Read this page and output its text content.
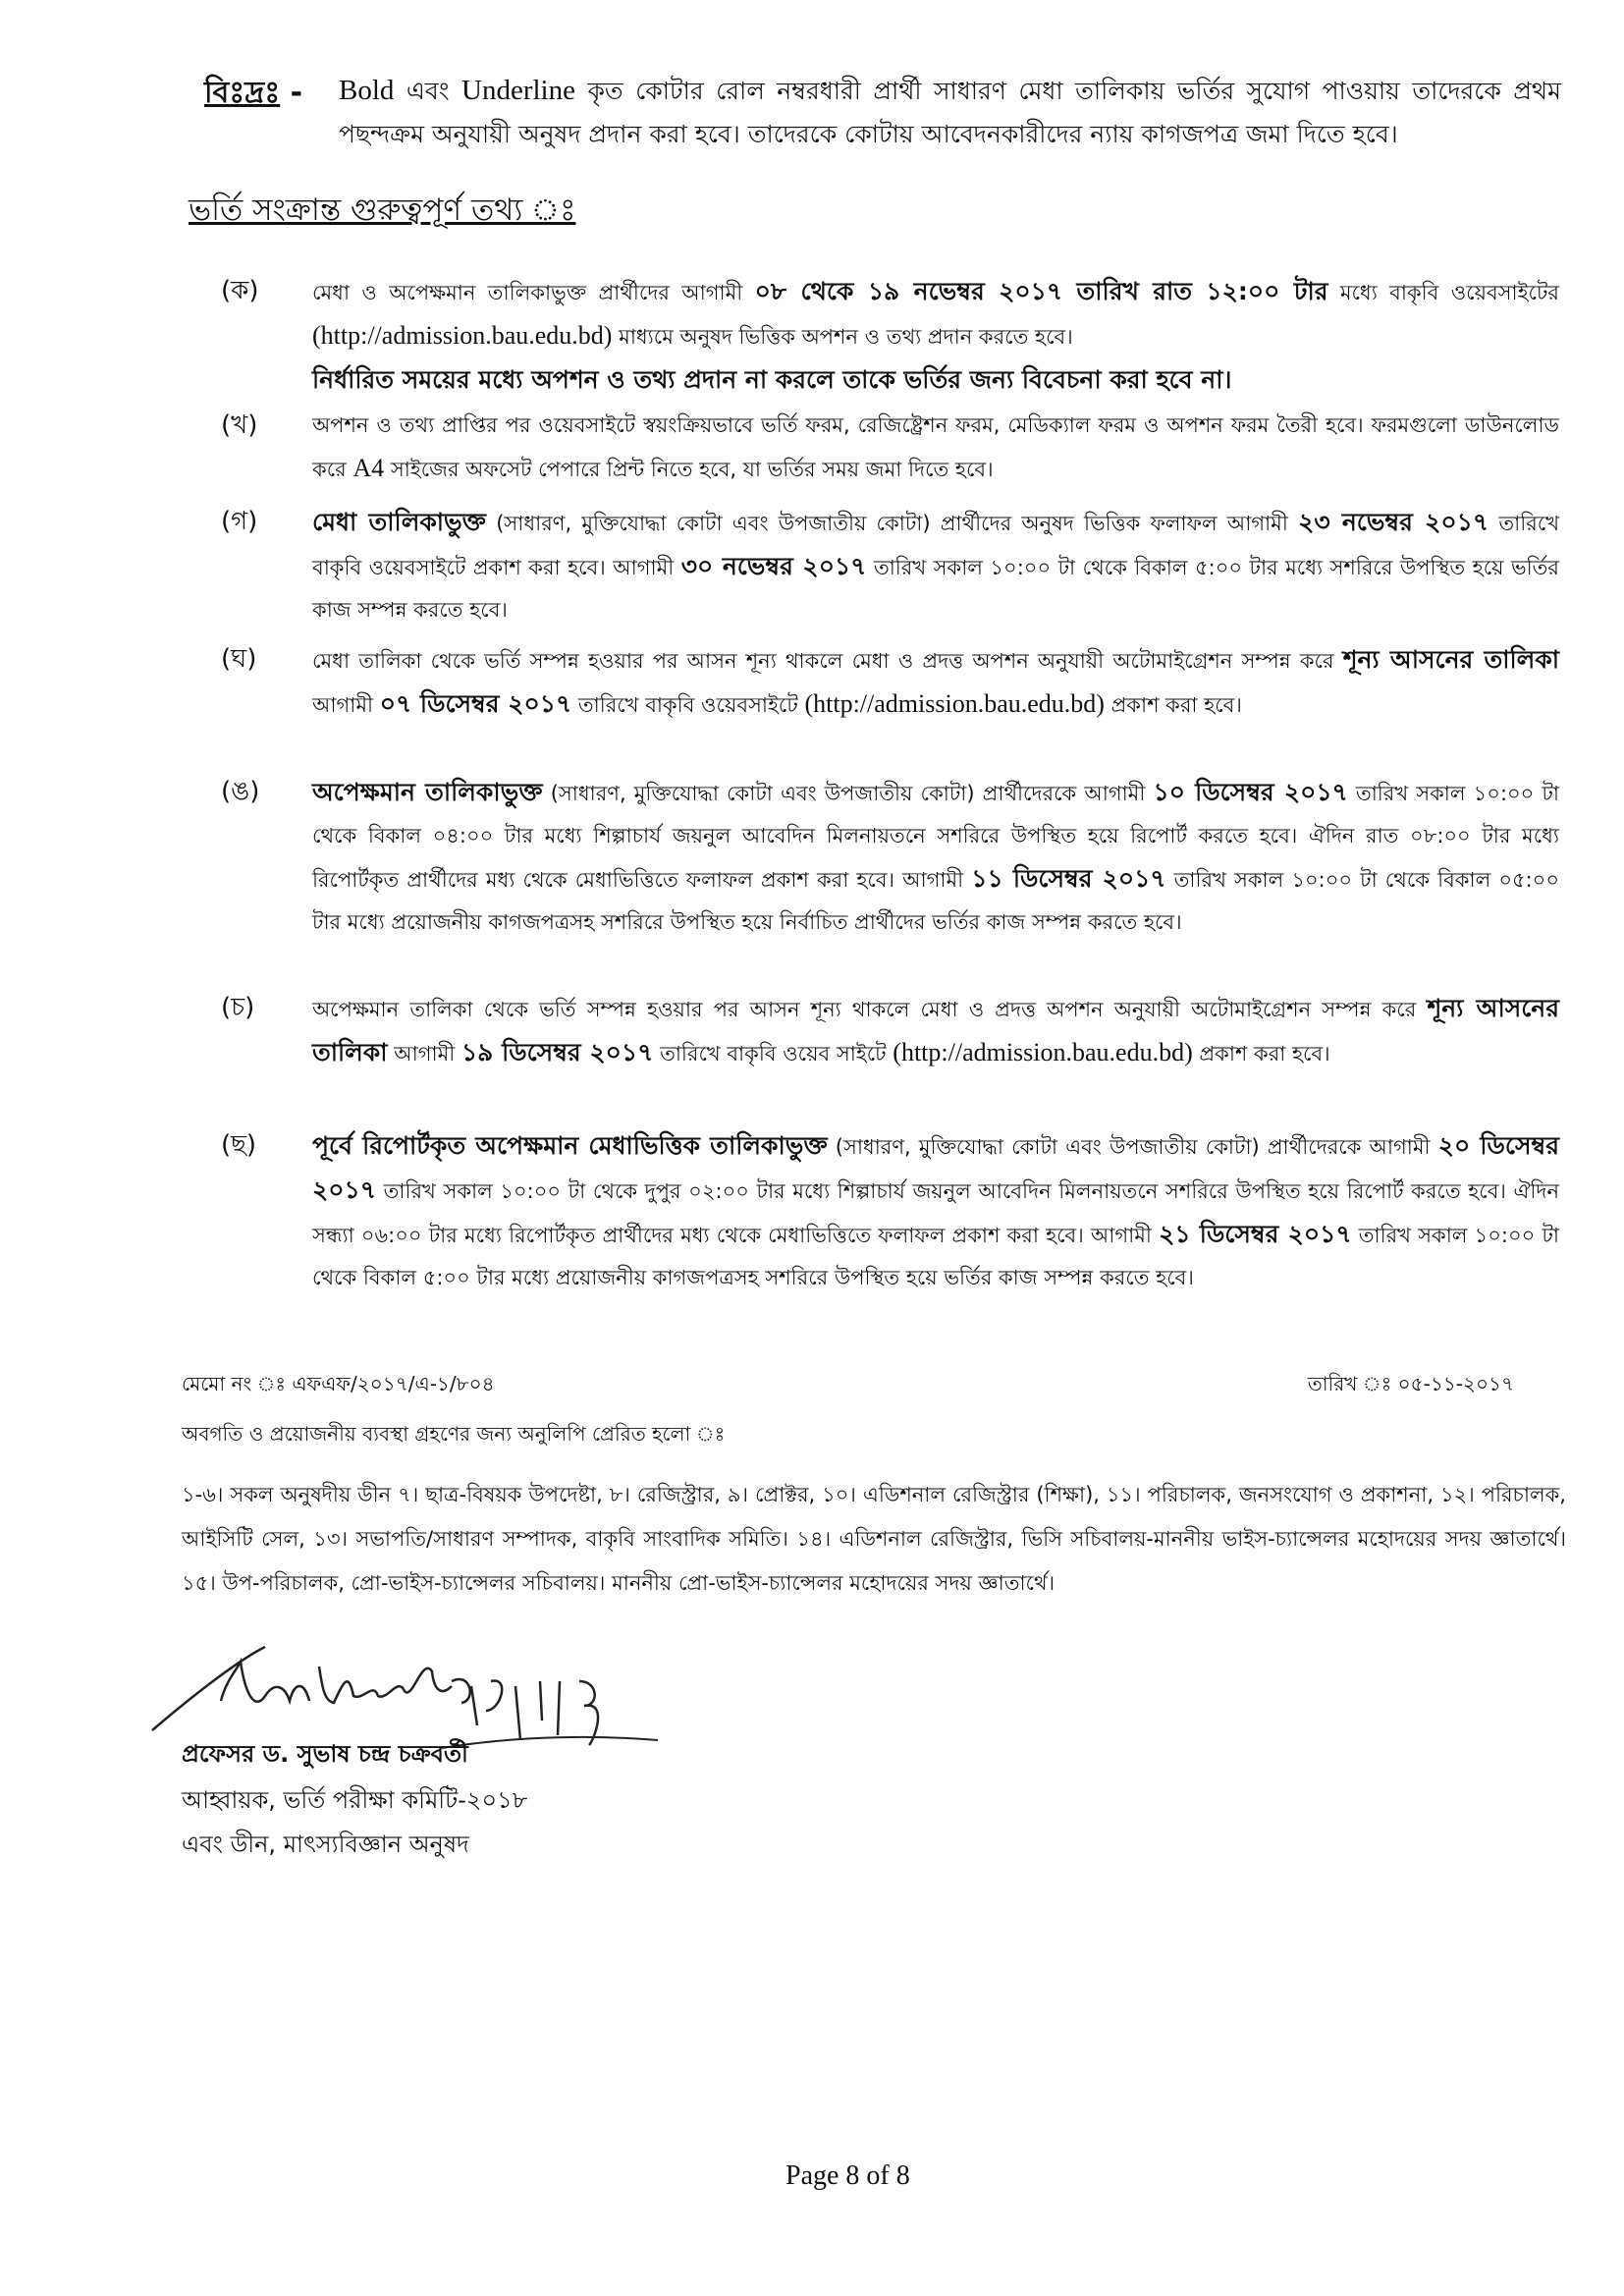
বিঃদ্রঃ - Bold এবং Underline কৃত কোটার রোল নম্বরধারী প্রার্থী সাধারণ মেধা তালিকায় ভর্তির সুযোগ পাওয়ায় তাদেরকে প্রথম পছন্দক্রম অনুযায়ী অনুষদ প্রদান করা হবে। তাদেরকে কোটায় আবেদনকারীদের ন্যায় কাগজপত্র জমা দিতে হবে।
ভর্তি সংক্রান্ত গুরুত্বপূর্ণ তথ্য ঃ
(ক)	মেধা ও অপেক্ষমান তালিকাভুক্ত প্রার্থীদের আগামী ০৮ থেকে ১৯ নভেম্বর ২০১৭ তারিখ রাত ১২:০০ টার মধ্যে বাকৃবি ওয়েবসাইটের (http://admission.bau.edu.bd) মাধ্যমে অনুষদ ভিত্তিক অপশন ও তথ্য প্রদান করতে হবে।
নির্ধারিত সময়ের মধ্যে অপশন ও তথ্য প্রদান না করলে তাকে ভর্তির জন্য বিবেচনা করা হবে না।
(খ)	অপশন ও তথ্য প্রাপ্তির পর ওয়েবসাইটে স্বয়ংক্রিয়ভাবে ভর্তি ফরম, রেজিষ্ট্রেশন ফরম, মেডিক্যাল ফরম ও অপশন ফরম তৈরী হবে। ফরমগুলো ডাউনলোড করে A4 সাইজের অফসেট পেপারে প্রিন্ট নিতে হবে, যা ভর্তির সময় জমা দিতে হবে।
(গ) মেধা তালিকাভুক্ত (সাধারণ, মুক্তিযোদ্ধা কোটা এবং উপজাতীয় কোটা) প্রার্থীদের অনুষদ ভিত্তিক ফলাফল আগামী ২৩ নভেম্বর ২০১৭ তারিখে বাকৃবি ওয়েবসাইটে প্রকাশ করা হবে। আগামী ৩০ নভেম্বর ২০১৭ তারিখ সকাল ১০:০০ টা থেকে বিকাল ৫:০০ টার মধ্যে সশরিরে উপস্থিত হয়ে ভর্তির কাজ সম্পন্ন করতে হবে।
(ঘ)	মেধা তালিকা থেকে ভর্তি সম্পন্ন হওয়ার পর আসন শূন্য থাকলে মেধা ও প্রদত্ত অপশন অনুযায়ী অটোমাইগ্রেশন সম্পন্ন করে শূন্য আসনের তালিকা আগামী ০৭ ডিসেম্বর ২০১৭ তারিখে বাকৃবি ওয়েবসাইটে (http://admission.bau.edu.bd) প্রকাশ করা হবে।
(ঙ) অপেক্ষমান তালিকাভুক্ত (সাধারণ, মুক্তিযোদ্ধা কোটা এবং উপজাতীয় কোটা) প্রার্থীদেরকে আগামী ১০ ডিসেম্বর ২০১৭ তারিখ সকাল ১০:০০ টা থেকে বিকাল ০৪:০০ টার মধ্যে শিল্পাচার্য জয়নুল আবেদিন মিলনায়তনে সশরিরে উপস্থিত হয়ে রিপোর্ট করতে হবে। ঐদিন রাত ০৮:০০ টার মধ্যে রিপোর্টকৃত প্রার্থীদের মধ্য থেকে মেধাভিত্তিতে ফলাফল প্রকাশ করা হবে। আগামী ১১ ডিসেম্বর ২০১৭ তারিখ সকাল ১০:০০ টা থেকে বিকাল ০৫:০০ টার মধ্যে প্রয়োজনীয় কাগজপত্রসহ সশরিরে উপস্থিত হয়ে নির্বাচিত প্রার্থীদের ভর্তির কাজ সম্পন্ন করতে হবে।
(চ)	অপেক্ষমান তালিকা থেকে ভর্তি সম্পন্ন হওয়ার পর আসন শূন্য থাকলে মেধা ও প্রদত্ত অপশন অনুযায়ী অটোমাইগ্রেশন সম্পন্ন করে শূন্য আসনের তালিকা আগামী ১৯ ডিসেম্বর ২০১৭ তারিখে বাকৃবি ওয়েব সাইটে (http://admission.bau.edu.bd) প্রকাশ করা হবে।
(ছ) পূর্বে রিপোর্টকৃত অপেক্ষমান মেধাভিত্তিক তালিকাভুক্ত (সাধারণ, মুক্তিযোদ্ধা কোটা এবং উপজাতীয় কোটা) প্রার্থীদেরকে আগামী ২০ ডিসেম্বর ২০১৭ তারিখ সকাল ১০:০০ টা থেকে দুপুর ০২:০০ টার মধ্যে শিল্পাচার্য জয়নুল আবেদিন মিলনায়তনে সশরিরে উপস্থিত হয়ে রিপোর্ট করতে হবে। ঐদিন সন্ধ্যা ০৬:০০ টার মধ্যে রিপোর্টকৃত প্রার্থীদের মধ্য থেকে মেধাভিত্তিতে ফলাফল প্রকাশ করা হবে। আগামী ২১ ডিসেম্বর ২০১৭ তারিখ সকাল ১০:০০ টা থেকে বিকাল ৫:০০ টার মধ্যে প্রয়োজনীয় কাগজপত্রসহ সশরিরে উপস্থিত হয়ে ভর্তির কাজ সম্পন্ন করতে হবে।
মেমো নং ঃ এফএফ/২০১৭/এ-১/৮০৪	তারিখ ঃ ০৫-১১-২০১৭
অবগতি ও প্রয়োজনীয় ব্যবস্থা গ্রহণের জন্য অনুলিপি প্রেরিত হলো ঃ
১-৬। সকল অনুষদীয় ডীন ৭। ছাত্র-বিষয়ক উপদেষ্টা, ৮। রেজিস্ট্রার, ৯। প্রোক্টর, ১০। এডিশনাল রেজিস্ট্রার (শিক্ষা), ১১। পরিচালক, জনসংযোগ ও প্রকাশনা, ১২। পরিচালক, আইসিটি সেল, ১৩। সভাপতি/সাধারণ সম্পাদক, বাকৃবি সাংবাদিক সমিতি। ১৪। এডিশনাল রেজিস্ট্রার, ভিসি সচিবালয়-মাননীয় ভাইস-চ্যান্সেলর মহোদয়ের সদয় জ্ঞাতার্থে। ১৫। উপ-পরিচালক, প্রো-ভাইস-চ্যান্সেলর সচিবালয়। মাননীয় প্রো-ভাইস-চ্যান্সেলর মহোদয়ের সদয় জ্ঞাতার্থে।
প্রফেসর ড. সুভাষ চন্দ্র চক্রবর্তী
আহ্বায়ক, ভর্তি পরীক্ষা কমিটি-২০১৮
এবং ডীন, মাৎস্যবিজ্ঞান অনুষদ
Page 8 of 8
